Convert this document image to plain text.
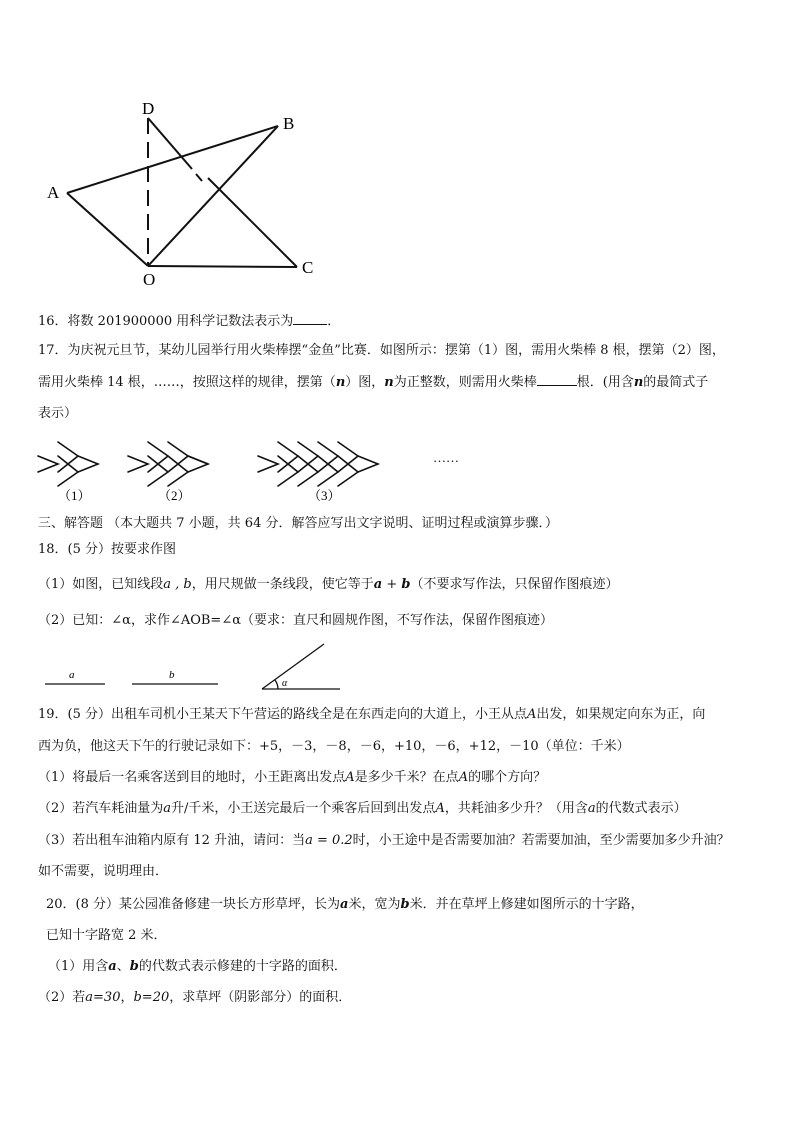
D
B
A
O
C
16．将数 201900000 用科学记数法表示为	．
17．为庆祝元旦节，某幼儿园举行用火柴棒摆“金鱼”比赛．如图所示：摆第（1）图，需用火柴棒 8 根，摆第（2）图，
需用火柴棒 14 根，……，按照这样的规律，摆第（n）图，n为正整数，则需用火柴棒	根．(用含n的最简式子
表示）
（1）	（2）	（3）
……
三、解答题 （本大题共 7 小题，共 64 分．解答应写出文字说明、证明过程或演算步骤．）
18．(5 分）按要求作图
（1）如图，已知线段a , b，用尺规做一条线段，使它等于a + b（不要求写作法，只保留作图痕迹）
（2）已知：∠α，求作∠AOB=∠α（要求：直尺和圆规作图，不写作法，保留作图痕迹）
a	b
α
19．(5 分）出租车司机小王某天下午营运的路线全是在东西走向的大道上，小王从点A出发，如果规定向东为正，向
西为负，他这天下午的行驶记录如下：+5，－3，－8，－6，+10，－6，+12，－10（单位：千米）
（1）将最后一名乘客送到目的地时，小王距离出发点A是多少千米？在点A的哪个方向？
（2）若汽车耗油量为a升/千米，小王送完最后一个乘客后回到出发点A，共耗油多少升？（用含a的代数式表示）
（3）若出租车油箱内原有 12 升油，请问：当a = 0.2时，小王途中是否需要加油？若需要加油，至少需要加多少升油？
如不需要，说明理由．
20．(8 分）某公园准备修建一块长方形草坪，长为a米，宽为b米．并在草坪上修建如图所示的十字路，
已知十字路宽 2 米．
（1）用含a、b的代数式表示修建的十字路的面积．
（2）若a=30，b=20，求草坪（阴影部分）的面积．
